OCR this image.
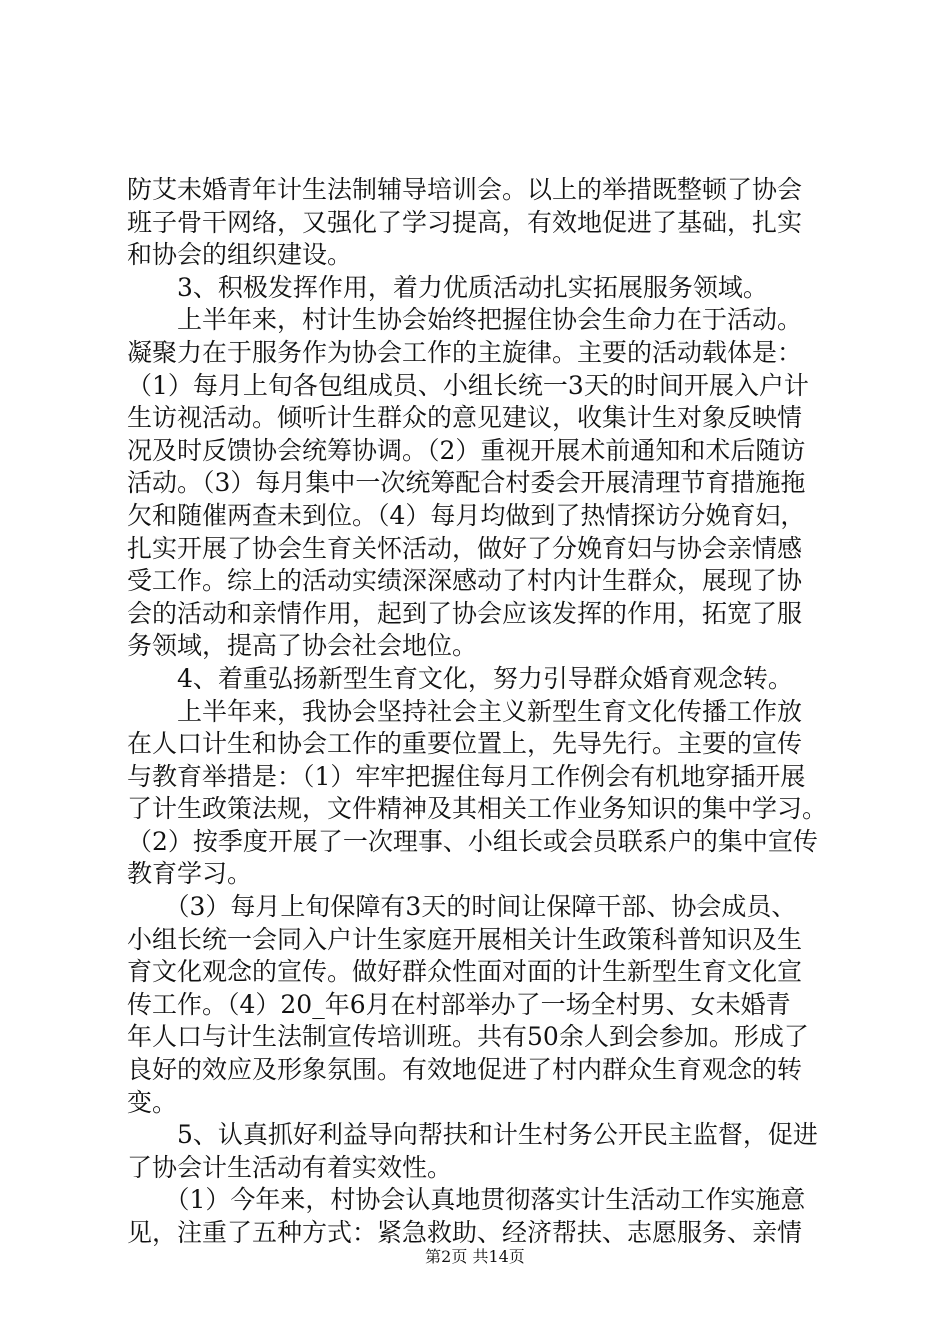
防艾未婚青年计生法制辅导培训会。以上的举措既整顿了协会
班子骨干网络，又强化了学习提高，有效地促进了基础，扎实
和协会的组织建设。
　　3、积极发挥作用，着力优质活动扎实拓展服务领域。
　　上半年来，村计生协会始终把握住协会生命力在于活动。
凝聚力在于服务作为协会工作的主旋律。主要的活动载体是：
（1）每月上旬各包组成员、小组长统一3天的时间开展入户计
生访视活动。倾听计生群众的意见建议，收集计生对象反映情
况及时反馈协会统筹协调。（2）重视开展术前通知和术后随访
活动。（3）每月集中一次统筹配合村委会开展清理节育措施拖
欠和随催两查未到位。（4）每月均做到了热情探访分娩育妇，
扎实开展了协会生育关怀活动，做好了分娩育妇与协会亲情感
受工作。综上的活动实绩深深感动了村内计生群众，展现了协
会的活动和亲情作用，起到了协会应该发挥的作用，拓宽了服
务领域，提高了协会社会地位。
　　4、着重弘扬新型生育文化，努力引导群众婚育观念转。
　　上半年来，我协会坚持社会主义新型生育文化传播工作放
在人口计生和协会工作的重要位置上，先导先行。主要的宣传
与教育举措是：（1）牢牢把握住每月工作例会有机地穿插开展
了计生政策法规，文件精神及其相关工作业务知识的集中学习。
（2）按季度开展了一次理事、小组长或会员联系户的集中宣传
教育学习。
　　（3）每月上旬保障有3天的时间让保障干部、协会成员、
小组长统一会同入户计生家庭开展相关计生政策科普知识及生
育文化观念的宣传。做好群众性面对面的计生新型生育文化宣
传工作。（4）20_年6月在村部举办了一场全村男、女未婚青
年人口与计生法制宣传培训班。共有50余人到会参加。形成了
良好的效应及形象氛围。有效地促进了村内群众生育观念的转
变。
　　5、认真抓好利益导向帮扶和计生村务公开民主监督，促进
了协会计生活动有着实效性。
　　（1）今年来，村协会认真地贯彻落实计生活动工作实施意
见，注重了五种方式：紧急救助、经济帮扶、志愿服务、亲情
第2页 共14页
